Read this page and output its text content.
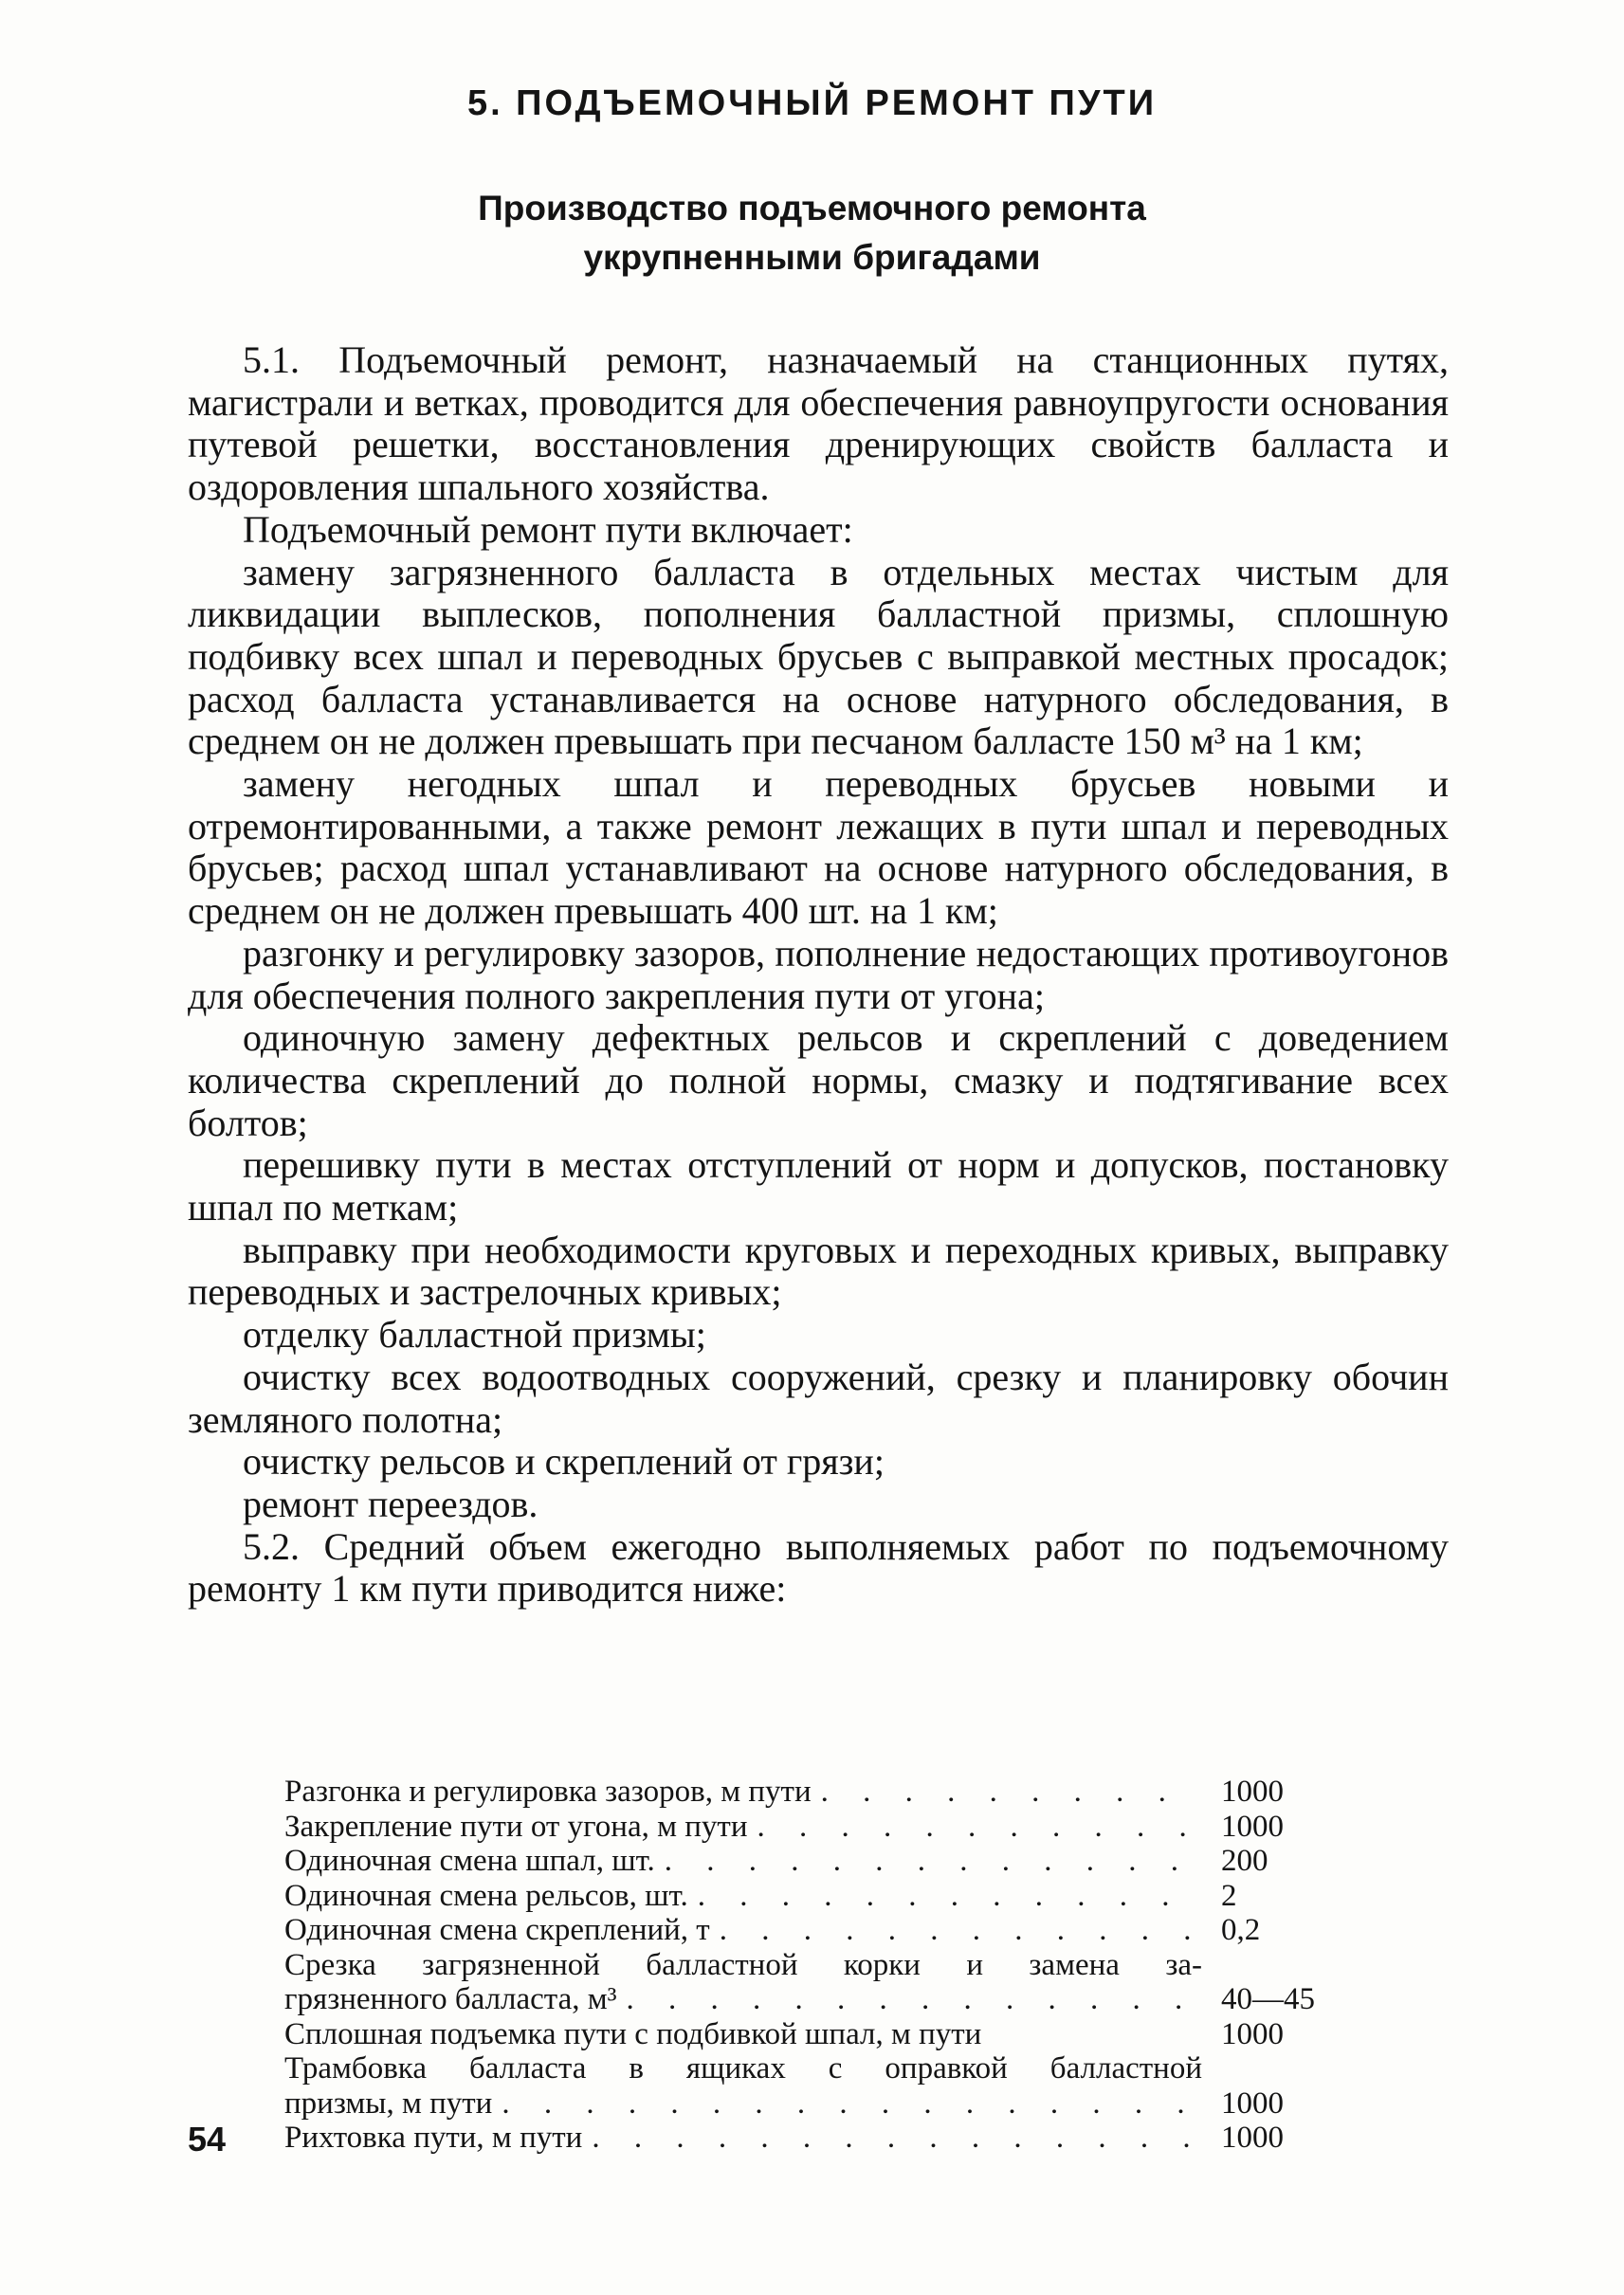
5. ПОДЪЕМОЧНЫЙ РЕМОНТ ПУТИ
Производство подъемочного ремонта
укрупненными бригадами

5.1. Подъемочный ремонт, назначаемый на станционных путях, магистрали и ветках, проводится для обеспечения равноупругости основания путевой решетки, восстановления дренирующих свойств балласта и оздоровления шпального хозяйства.

Подъемочный ремонт пути включает:

замену загрязненного балласта в отдельных местах чистым для ликвидации выплесков, пополнения балластной призмы, сплошную подбивку всех шпал и переводных брусьев с выправкой местных просадок; расход балласта устанавливается на основе натурного обследования, в среднем он не должен превышать при песчаном балласте 150 м³ на 1 км;

замену негодных шпал и переводных брусьев новыми и отремонтированными, а также ремонт лежащих в пути шпал и переводных брусьев; расход шпал устанавливают на основе натурного обследования, в среднем он не должен превышать 400 шт. на 1 км;

разгонку и регулировку зазоров, пополнение недостающих противоугонов для обеспечения полного закрепления пути от угона;

одиночную замену дефектных рельсов и скреплений с доведением количества скреплений до полной нормы, смазку и подтягивание всех болтов;

перешивку пути в местах отступлений от норм и допусков, постановку шпал по меткам;

выправку при необходимости круговых и переходных кривых, выправку переводных и застрелочных кривых;

отделку балластной призмы;

очистку всех водоотводных сооружений, срезку и планировку обочин земляного полотна;

очистку рельсов и скреплений от грязи;

ремонт переездов.

5.2. Средний объем ежегодно выполняемых работ по подъемочному ремонту 1 км пути приводится ниже:

Разгонка и регулировка зазоров, м пути . . .	1000
Закрепление пути от угона, м пути . . .	1000
Одиночная смена шпал, шт. . . .	200
Одиночная смена рельсов, шт. . . .	2
Одиночная смена скреплений, т . . .	0,2
Срезка загрязненной балластной корки и замена за-
грязненного балласта, м³ . . .	40—45
Сплошная подъемка пути с подбивкой шпал, м пути	1000
Трамбовка балласта в ящиках с оправкой балластной
призмы, м пути . . .	1000
Рихтовка пути, м пути . . .	1000
54
